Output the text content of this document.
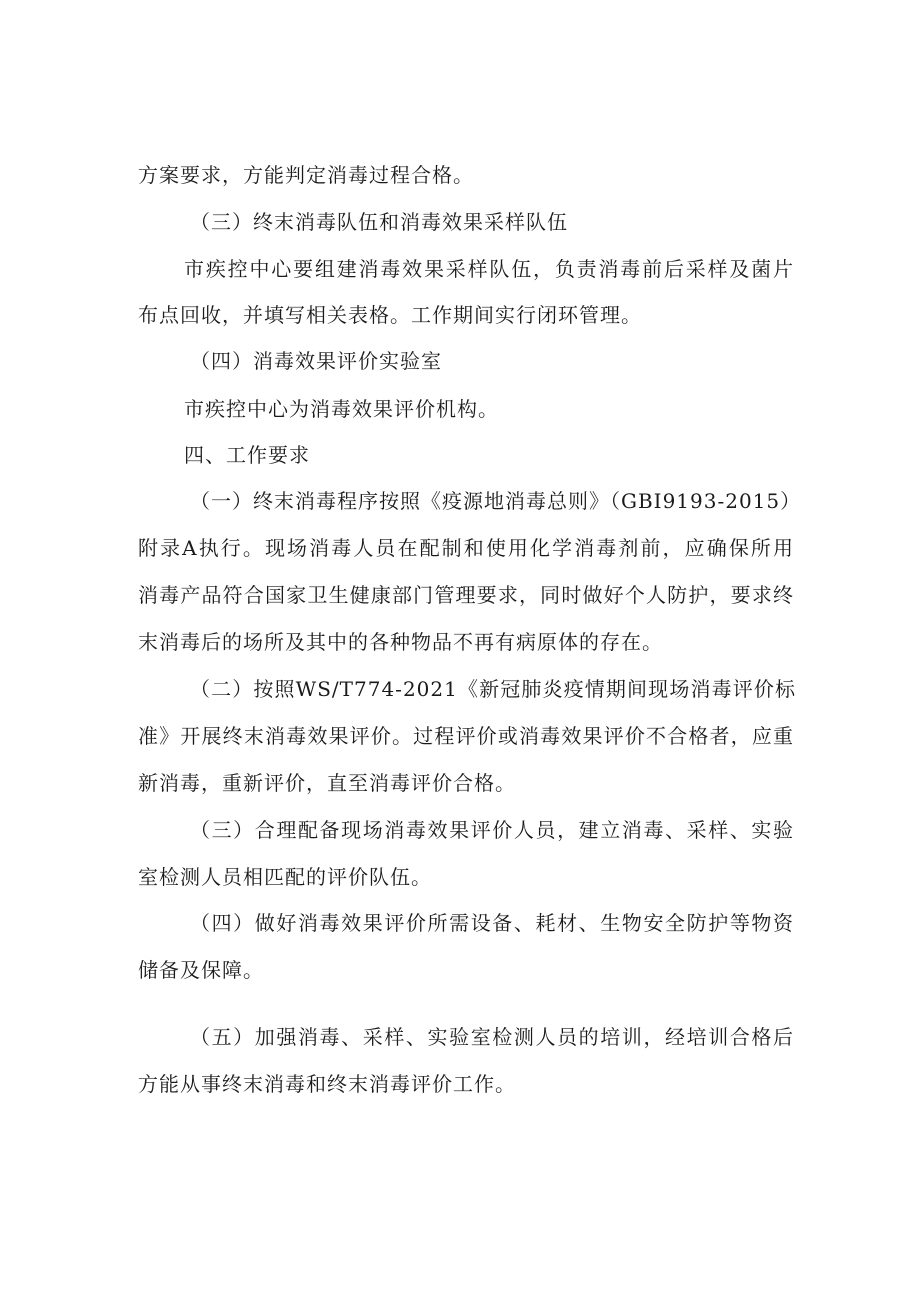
方案要求，方能判定消毒过程合格。
（三）终末消毒队伍和消毒效果采样队伍
市疾控中心要组建消毒效果采样队伍，负责消毒前后采样及菌片
布点回收，并填写相关表格。工作期间实行闭环管理。
（四）消毒效果评价实验室
市疾控中心为消毒效果评价机构。
四、工作要求
（一）终末消毒程序按照《疫源地消毒总则》（GBI9193-2015）
附录A执行。现场消毒人员在配制和使用化学消毒剂前，应确保所用
消毒产品符合国家卫生健康部门管理要求，同时做好个人防护，要求终
末消毒后的场所及其中的各种物品不再有病原体的存在。
（二）按照WS/T774-2021《新冠肺炎疫情期间现场消毒评价标
准》开展终末消毒效果评价。过程评价或消毒效果评价不合格者，应重
新消毒，重新评价，直至消毒评价合格。
（三）合理配备现场消毒效果评价人员，建立消毒、采样、实验
室检测人员相匹配的评价队伍。
（四）做好消毒效果评价所需设备、耗材、生物安全防护等物资
储备及保障。
（五）加强消毒、采样、实验室检测人员的培训，经培训合格后
方能从事终末消毒和终末消毒评价工作。
